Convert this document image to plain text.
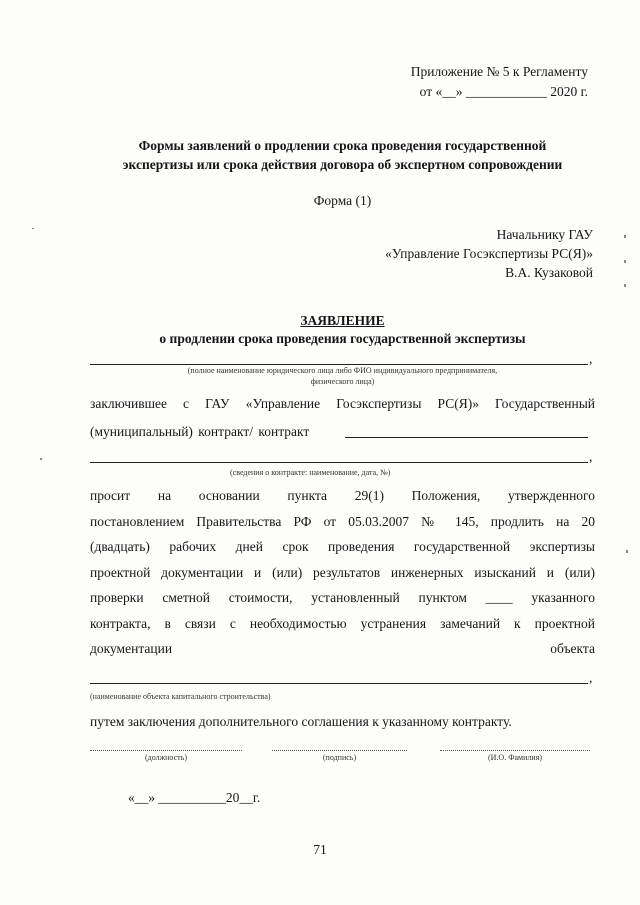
Приложение № 5 к Регламенту
от «__» ____________ 2020 г.
Формы заявлений о продлении срока проведения государственной
экспертизы или срока действия договора об экспертном сопровождении
Форма (1)
Начальнику ГАУ
«Управление Госэкспертизы РС(Я)»
В.А. Кузаковой
ЗАЯВЛЕНИЕ
о продлении срока проведения государственной экспертизы
,
(полное наименование юридического лица либо ФИО индивидуального предпринимателя,
физического лица)
заключившее с ГАУ «Управление Госэкспертизы РС(Я)» Государственный
(муниципальный) контракт/ контракт
,
(сведения о контракте: наименование, дата, №)
просит на основании пункта 29(1) Положения, утвержденного
постановлением Правительства РФ от 05.03.2007 № 145, продлить на 20
(двадцать) рабочих дней срок проведения государственной экспертизы
проектной документации и (или) результатов инженерных изысканий и (или)
проверки сметной стоимости, установленный пунктом ____ указанного
контракта, в связи с необходимостью устранения замечаний к проектной
документации	объекта
,
(наименование объекта капитального строительства)
путем заключения дополнительного соглашения к указанному контракту.
(должность)	(подпись)	(И.О. Фамилия)
«__» __________20__г.
71
